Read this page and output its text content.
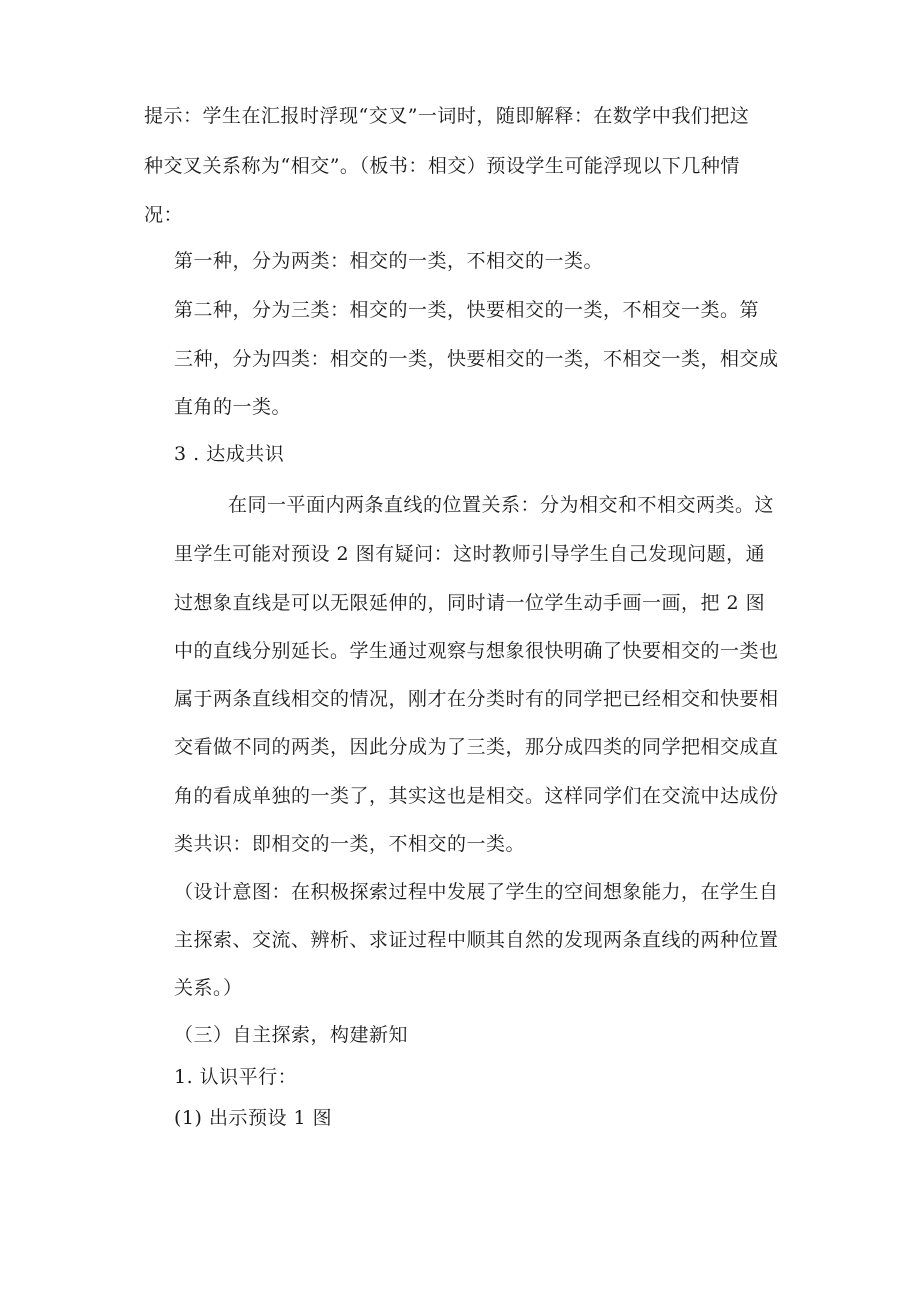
提示：学生在汇报时浮现“交叉”一词时，随即解释：在数学中我们把这
种交叉关系称为“相交”。（板书：相交）预设学生可能浮现以下几种情
况：
第一种，分为两类：相交的一类，不相交的一类。
第二种，分为三类：相交的一类，快要相交的一类，不相交一类。第
三种，分为四类：相交的一类，快要相交的一类，不相交一类，相交成
直角的一类。
3 . 达成共识
在同一平面内两条直线的位置关系：分为相交和不相交两类。这
里学生可能对预设 2 图有疑问：这时教师引导学生自己发现问题，通
过想象直线是可以无限延伸的，同时请一位学生动手画一画，把 2 图
中的直线分别延长。学生通过观察与想象很快明确了快要相交的一类也
属于两条直线相交的情况，刚才在分类时有的同学把已经相交和快要相
交看做不同的两类，因此分成为了三类，那分成四类的同学把相交成直
角的看成单独的一类了，其实这也是相交。这样同学们在交流中达成份
类共识：即相交的一类，不相交的一类。
（设计意图：在积极探索过程中发展了学生的空间想象能力，在学生自
主探索、交流、辨析、求证过程中顺其自然的发现两条直线的两种位置
关系。）
（三）自主探索，构建新知
1. 认识平行：
(1) 出示预设 1 图
